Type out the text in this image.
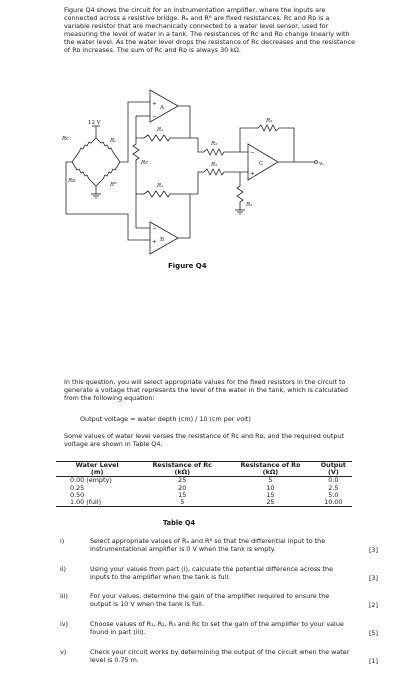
Figure Q4 shows the circuit for an instrumentation amplifier, where the inputs are connected across a resistive bridge. Rₐ and Rᴮ are fixed resistances. Rc and Rᴅ is a variable resistor that are mechanically connected to a water level sensor, used for measuring the level of water in a tank. The resistances of Rc and Rᴅ change linearly with the water level. As the water level drops the resistance of Rc decreases and the resistance of Rᴅ increases. The sum of Rc and Rᴅ is always 30 kΩ.

12 V
Rc	Rₐ
Rᴅ
Rᴮ
Rc
R₁
R₁
R₂
R₂
R₃
R₃
vₒ
A
B
C
+
−
−
+
−
+
Figure Q4

In this question, you will select appropriate values for the fixed resistors in the circuit to generate a voltage that represents the level of the water in the tank, which is calculated from the following equation:

Output voltage = water depth (cm) / 10 (cm per volt)

Some values of water level verses the resistance of Rc and Rᴅ, and the required output voltage are shown in Table Q4.

Water Level	Resistance of Rc	Resistance of Rᴅ	Output
(m)	(kΩ)	(kΩ)	(V)
0.00 (empty)	25	5	0.0
0.25	20	10	2.5
0.50	15	15	5.0
1.00 (full)	5	25	10.00
Table Q4
i)	Select appropriate values of Rₐ and Rᴮ so that the differential input to the instrumentational amplifier is 0 V when the tank is empty.	[3]
ii)	Using your values from part (i), calculate the potential difference across the inputs to the amplifier when the tank is full.	[3]
iii)	For your values, determine the gain of the amplifier required to ensure the output is 10 V when the tank is full.	[2]
iv)	Choose values of R₁, R₂, R₃ and Rc to set the gain of the amplifier to your value found in part (iii).	[5]
v)	Check your circuit works by determining the output of the circuit when the water level is 0.75 m.	[1]
